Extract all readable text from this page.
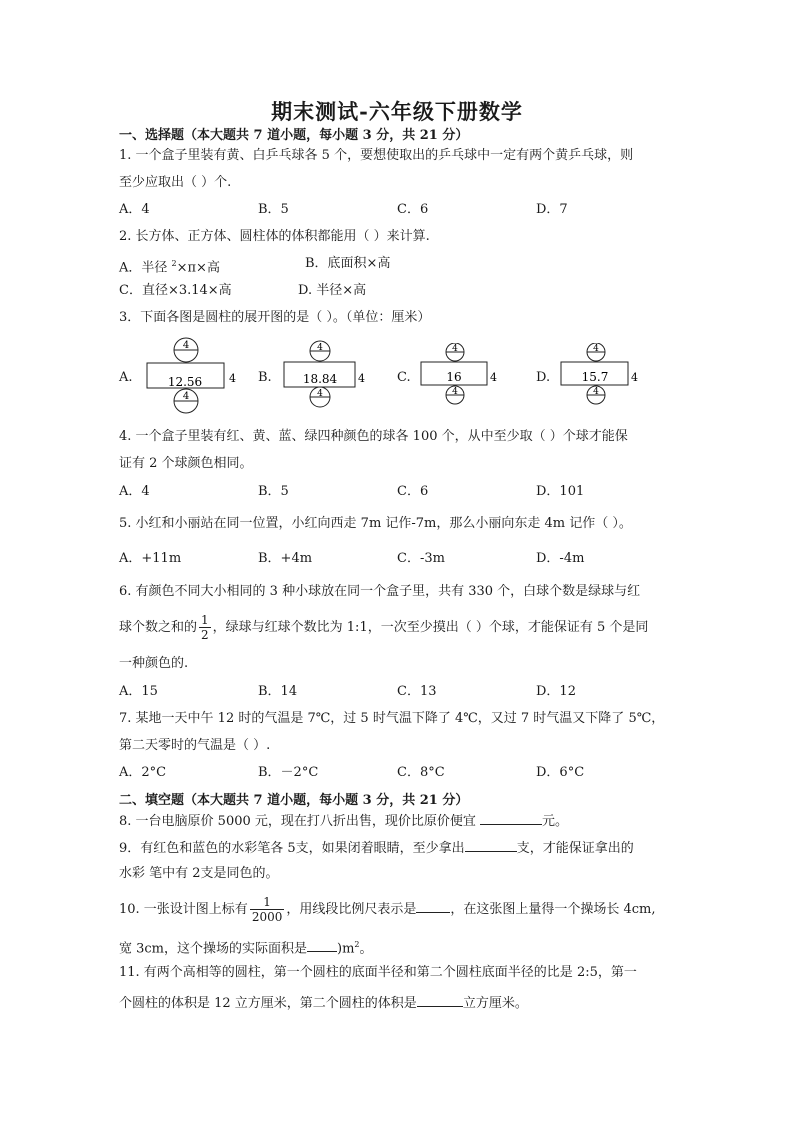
期末测试-六年级下册数学
一、选择题（本大题共 7 道小题，每小题 3 分，共 21 分）
1. 一个盒子里装有黄、白乒乓球各 5 个，要想使取出的乒乓球中一定有两个黄乒乓球，则
至少应取出（ ）个.
A．4	B．5	C．6	D．7
2. 长方体、正方体、圆柱体的体积都能用（ ）来计算.
A．半径 $^2$×π×高	B．底面积×高
C．直径×3.14×高	D. 半径×高
3．下面各图是圆柱的展开图的是（ ）。（单位：厘米）
A.
4
12.56 4
4
B.
4
18.84 4
4
C.
4
16	4
4
D.
4
15.7 4
4
4. 一个盒子里装有红、黄、蓝、绿四种颜色的球各 100 个，从中至少取（ ）个球才能保
证有 2 个球颜色相同。
A．4	B．5	C．6	D．101
5. 小红和小丽站在同一位置，小红向西走 7m 记作-7m，那么小丽向东走 4m 记作（ ）。
A．+11m	B．+4m	C．-3m	D．-4m
6. 有颜色不同大小相同的 3 种小球放在同一个盒子里，共有 330 个，白球个数是绿球与红
球个数之和的 $\frac{1}{2}$ ，绿球与红球个数比为 1:1，一次至少摸出（ ）个球，才能保证有 5 个是同
一种颜色的.
A．15	B．14	C．13	D．12
7. 某地一天中午 12 时的气温是 7℃，过 5 时气温下降了 4℃，又过 7 时气温又下降了 5℃，
第二天零时的气温是（ ）.
A．2°C	B．－2°C	C．8°C	D．6°C
二、填空题（本大题共 7 道小题，每小题 3 分，共 21 分）
8. 一台电脑原价 5000 元，现在打八折出售，现价比原价便宜	元。
9．有红色和蓝色的水彩笔各 5支，如果闭着眼睛，至少拿出	支，才能保证拿出的
水彩 笔中有 2支是同色的。
10. 一张设计图上标有 $\frac{1}{2000}$ ，用线段比例尺表示是	，在这张图上量得一个操场长 4cm,
宽 3cm，这个操场的实际面积是 )$m^2$。
11. 有两个高相等的圆柱，第一个圆柱的底面半径和第二个圆柱底面半径的比是 2:5，第一
个圆柱的体积是 12 立方厘米，第二个圆柱的体积是	立方厘米。
